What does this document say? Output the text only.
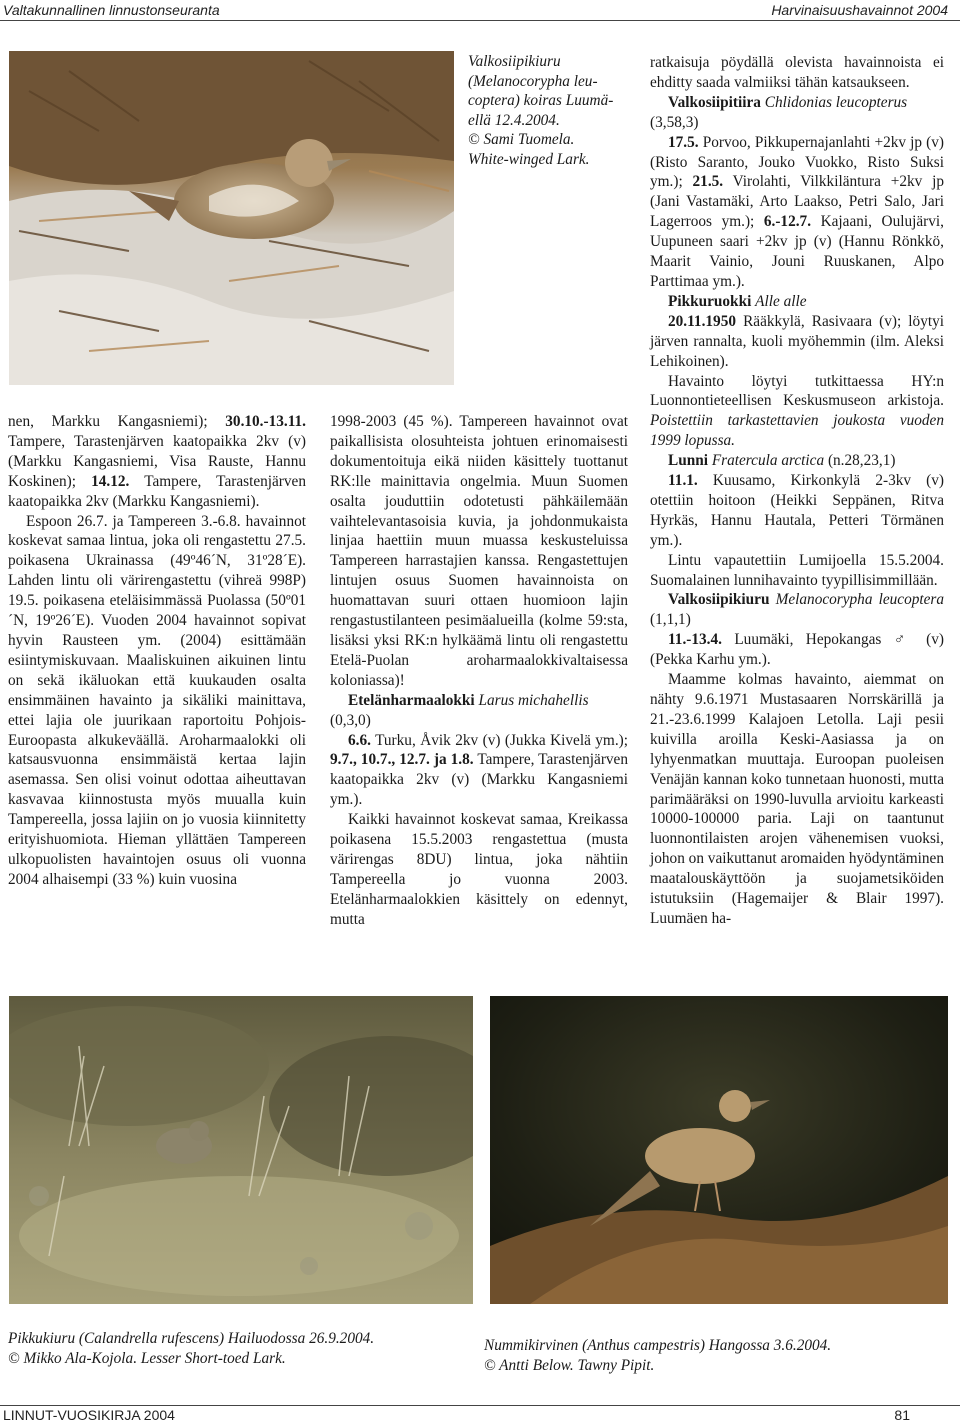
Valtakunnallinen linnustonseuranta	Harvinaisuushavainnot 2004

Valkosiipikiuru

(Melanocorypha leu-

coptera) koiras Luumä-

ellä 12.4.2004.

© Sami Tuomela.

White-winged Lark.

nen, Markku Kangasniemi); 30.10.-13.11. Tampere, Tarastenjärven kaatopaikka 2kv (v) (Markku Kangasniemi, Visa Rauste, Hannu Koskinen); 14.12. Tampere, Tarastenjärven kaatopaikka 2kv (Markku Kangasniemi).

Espoon 26.7. ja Tampereen 3.-6.8. havainnot koskevat samaa lintua, joka oli rengastettu 27.5. poikasena Ukrainassa (49º46´N, 31º28´E). Lahden lintu oli värirengastettu (vihreä 998P) 19.5. poikasena eteläisimmässä Puolassa (50º01´N, 19º26´E). Vuoden 2004 havainnot sopivat hyvin Rausteen ym. (2004) esittämään esiintymiskuvaan. Maaliskuinen aikuinen lintu on sekä ikäluokan että kuukauden osalta ensimmäinen havainto ja sikäliki mainittava, ettei lajia ole juurikaan raportoitu Pohjois-Euroopasta alkukeväällä. Aroharmaalokki oli katsausvuonna ensimmäistä kertaa lajin asemassa. Sen olisi voinut odottaa aiheuttavan kasvavaa kiinnostusta myös muualla kuin Tampereella, jossa lajiin on jo vuosia kiinnitetty erityishuomiota. Hieman yllättäen Tampereen ulkopuolisten havaintojen osuus oli vuonna 2004 alhaisempi (33 %) kuin vuosina

1998-2003 (45 %). Tampereen havainnot ovat paikallisista olosuhteista johtuen erinomaisesti dokumentoituja eikä niiden käsittely tuottanut RK:lle mainittavia ongelmia. Muun Suomen osalta jouduttiin odotetusti pähkäilemään vaihtelevantasoisia kuvia, ja johdonmukaista linjaa haettiin muun muassa keskusteluissa Tampereen harrastajien kanssa. Rengastettujen lintujen osuus Suomen havainnoista on huomattavan suuri ottaen huomioon lajin rengastustilanteen pesimäalueilla (kolme 59:sta, lisäksi yksi RK:n hylkäämä lintu oli rengastettu Etelä-Puolan aroharmaalokkivaltaisessa koloniassa)!

Etelänharmaalokki Larus michahellis
(0,3,0)

6.6. Turku, Åvik 2kv (v) (Jukka Kivelä ym.); 9.7., 10.7., 12.7. ja 1.8. Tampere, Tarastenjärven kaatopaikka 2kv (v) (Markku Kangasniemi ym.).

Kaikki havainnot koskevat samaa, Kreikassa poikasena 15.5.2003 rengastettua (musta värirengas 8DU) lintua, joka nähtiin Tampereella jo vuonna 2003. Etelänharmaalokkien käsittely on edennyt, mutta

ratkaisuja pöydällä olevista havainnoista ei ehditty saada valmiiksi tähän katsaukseen.

Valkosiipitiira Chlidonias leucopterus
(3,58,3)

17.5. Porvoo, Pikkupernajanlahti +2kv jp (v) (Risto Saranto, Jouko Vuokko, Risto Suksi ym.); 21.5. Virolahti, Vilkkiläntura +2kv jp (Jani Vastamäki, Arto Laakso, Petri Salo, Jari Lagerroos ym.); 6.-12.7. Kajaani, Oulujärvi, Uupuneen saari +2kv jp (v) (Hannu Rönkkö, Maarit Vainio, Jouni Ruuskanen, Alpo Parttimaa ym.).

Pikkuruokki Alle alle

20.11.1950 Rääkkylä, Rasivaara (v); löytyi järven rannalta, kuoli myöhemmin (ilm. Aleksi Lehikoinen).

Havainto löytyi tutkittaessa HY:n Luonnontieteellisen Keskusmuseon arkistoja. Poistettiin tarkastettavien joukosta vuoden 1999 lopussa.

Lunni Fratercula arctica (n.28,23,1)

11.1. Kuusamo, Kirkonkylä 2-3kv (v) otettiin hoitoon (Heikki Seppänen, Ritva Hyrkäs, Hannu Hautala, Petteri Törmänen ym.).

Lintu vapautettiin Lumijoella 15.5.2004. Suomalainen lunnihavainto tyypillisimmillään.

Valkosiipikiuru Melanocorypha leucoptera (1,1,1)

11.-13.4. Luumäki, Hepokangas ♂ (v) (Pekka Karhu ym.).

Maamme kolmas havainto, aiemmat on nähty 9.6.1971 Mustasaaren Norrskärillä ja 21.-23.6.1999 Kalajoen Letolla. Laji pesii kuivilla aroilla Keski-Aasiassa ja on lyhyenmatkan muuttaja. Euroopan puoleisen Venäjän kannan koko tunnetaan huonosti, mutta parimääräksi on 1990-luvulla arvioitu karkeasti 10000-100000 paria. Laji on taantunut luonnontilaisten arojen vähenemisen vuoksi, johon on vaikuttanut aromaiden hyödyntäminen maatalouskäyttöön ja suojametsiköiden istutuksiin (Hagemaijer & Blair 1997). Luumäen ha-

Pikkukiuru (Calandrella rufescens) Hailuodossa 26.9.2004.

© Mikko Ala-Kojola. Lesser Short-toed Lark.

Nummikirvinen (Anthus campestris) Hangossa 3.6.2004.

© Antti Below. Tawny Pipit.

LINNUT-VUOSIKIRJA 2004	81
